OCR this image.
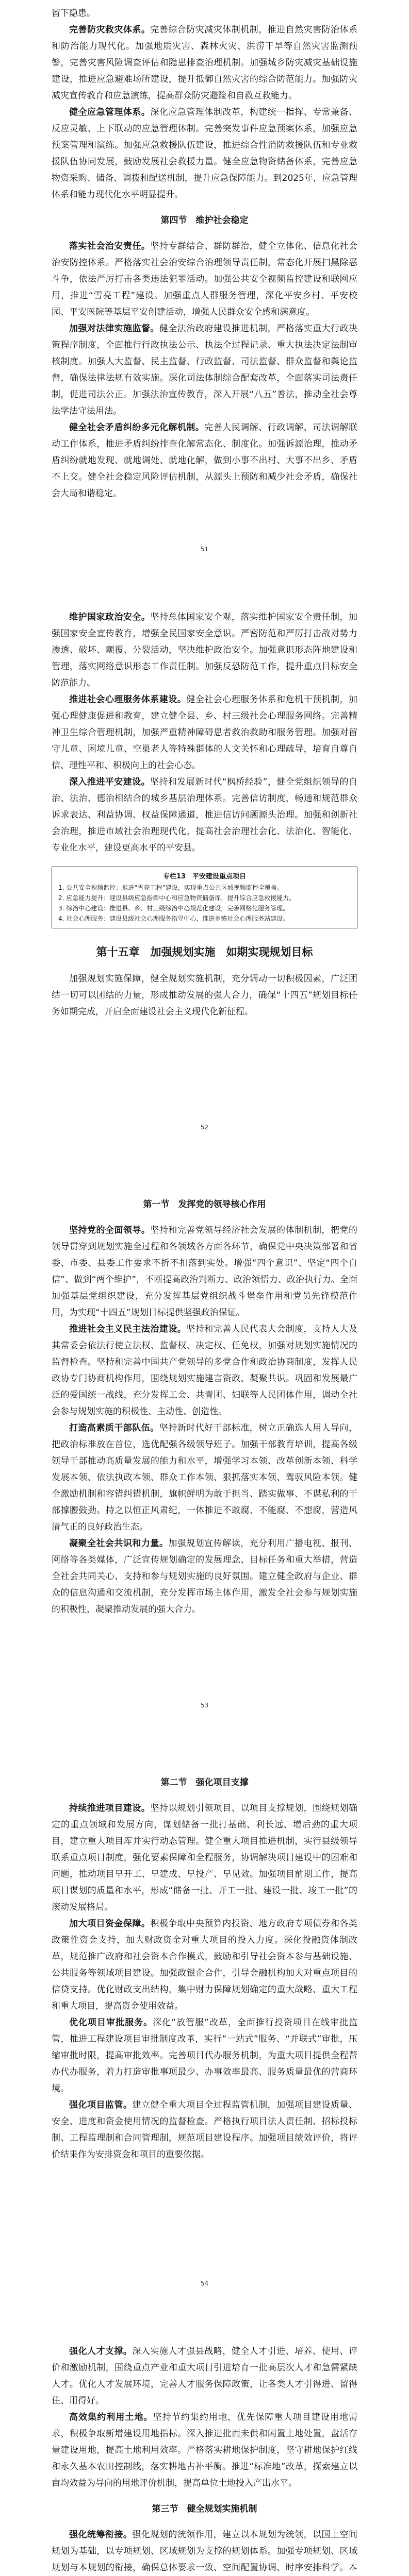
留下隐患。

完善防灾救灾体系。完善综合防灾减灾体制机制，推进自然灾害防治体系和防治能力现代化。加强地质灾害、森林火灾、洪涝干旱等自然灾害监测预警，完善灾害风险调查评估和隐患排查治理机制。加强城乡防灾减灾基础设施建设，推进应急避难场所建设，提升抵御自然灾害的综合防范能力。加强防灾减灾宣传教育和应急演练，提高群众防灾避险和自救互救能力。

健全应急管理体系。深化应急管理体制改革，构建统一指挥、专常兼备、反应灵敏、上下联动的应急管理体制。完善突发事件应急预案体系，加强应急预案管理和演练。加强应急救援队伍建设，推进综合性消防救援队伍和专业救援队伍协同发展，鼓励发展社会救援力量。健全应急物资储备体系，完善应急物资采购、储备、调拨和配送机制，提升应急保障能力。到2025年，应急管理体系和能力现代化水平明显提升。

第四节　维护社会稳定

落实社会治安责任。坚持专群结合、群防群治，健全立体化、信息化社会治安防控体系。严格落实社会治安综合治理领导责任制，常态化开展扫黑除恶斗争，依法严厉打击各类违法犯罪活动。加强公共安全视频监控建设和联网应用，推进“雪亮工程”建设。加强重点人群服务管理，深化平安乡村、平安校园、平安医院等基层平安创建活动，增强人民群众安全感和满意度。

加强对法律实施监督。健全法治政府建设推进机制，严格落实重大行政决策程序制度，全面推行行政执法公示、执法全过程记录、重大执法决定法制审核制度。加强人大监督、民主监督、行政监督、司法监督、群众监督和舆论监督，确保法律法规有效实施。深化司法体制综合配套改革，全面落实司法责任制，促进司法公正。加强法治宣传教育，深入开展“八五”普法，推动全社会尊法学法守法用法。

健全社会矛盾纠纷多元化解机制。完善人民调解、行政调解、司法调解联动工作体系，推进矛盾纠纷排查化解常态化、制度化。加强诉源治理，推动矛盾纠纷就地发现、就地调处、就地化解，做到小事不出村、大事不出乡、矛盾不上交。健全社会稳定风险评估机制，从源头上预防和减少社会矛盾，确保社会大局和谐稳定。

51

维护国家政治安全。坚持总体国家安全观，落实维护国家安全责任制，加强国家安全宣传教育，增强全民国家安全意识。严密防范和严厉打击敌对势力渗透、破坏、颠覆、分裂活动，坚决维护政治安全。加强意识形态阵地建设和管理，落实网络意识形态工作责任制。加强反恐防范工作，提升重点目标安全防范能力。

推进社会心理服务体系建设。健全社会心理服务体系和危机干预机制，加强心理健康促进和教育，建立健全县、乡、村三级社会心理服务网络。完善精神卫生综合管理机制，加强严重精神障碍患者救治救助和服务管理。加强对留守儿童、困境儿童、空巢老人等特殊群体的人文关怀和心理疏导，培育自尊自信、理性平和、积极向上的社会心态。

深入推进平安建设。坚持和发展新时代“枫桥经验”，健全党组织领导的自治、法治、德治相结合的城乡基层治理体系。完善信访制度，畅通和规范群众诉求表达、利益协调、权益保障通道，推进信访问题源头治理。加强和创新社会治理，推进市域社会治理现代化，提高社会治理社会化、法治化、智能化、专业化水平，建设更高水平的平安县。

专栏13　平安建设重点项目
1. 公共安全视频监控：推进“雪亮工程”建设，实现重点公共区域视频监控全覆盖。
2. 应急能力提升：建设县级应急指挥中心和应急物资储备库，提升综合应急救援能力。
3. 综治中心建设：推进县、乡、村三级综治中心规范化建设，完善网格化服务管理。
4. 社会心理服务：建设县级社会心理服务指导中心，推进乡镇社会心理服务站建设。
第十五章　加强规划实施　如期实现规划目标

加强规划实施保障，健全规划实施机制，充分调动一切积极因素，广泛团结一切可以团结的力量，形成推动发展的强大合力，确保“十四五”规划目标任务如期完成，开启全面建设社会主义现代化新征程。

52
第一节　发挥党的领导核心作用

坚持党的全面领导。坚持和完善党领导经济社会发展的体制机制，把党的领导贯穿到规划实施全过程和各领域各方面各环节，确保党中央决策部署和省委、市委、县委工作要求不折不扣落到实处。增强“四个意识”、坚定“四个自信”、做到“两个维护”，不断提高政治判断力、政治领悟力、政治执行力。全面加强基层党组织建设，充分发挥基层党组织战斗堡垒作用和党员先锋模范作用，为实现“十四五”规划目标提供坚强政治保证。

推进社会主义民主法治建设。坚持和完善人民代表大会制度，支持人大及其常委会依法行使立法权、监督权、决定权、任免权，加强对规划实施情况的监督检查。坚持和完善中国共产党领导的多党合作和政治协商制度，发挥人民政协专门协商机构作用，围绕规划实施建言资政、凝聚共识。巩固和发展最广泛的爱国统一战线，充分发挥工会、共青团、妇联等人民团体作用，调动全社会参与规划实施的积极性、主动性、创造性。

打造高素质干部队伍。坚持新时代好干部标准，树立正确选人用人导向，把政治标准放在首位，选优配强各级领导班子。加强干部教育培训，提高各级领导干部推动高质量发展的能力和水平，增强学习本领、改革创新本领、科学发展本领、依法执政本领、群众工作本领、狠抓落实本领、驾驭风险本领。健全激励机制和容错纠错机制，旗帜鲜明为敢于担当、踏实做事、不谋私利的干部撑腰鼓劲。持之以恒正风肃纪，一体推进不敢腐、不能腐、不想腐，营造风清气正的良好政治生态。

凝聚全社会共识和力量。加强规划宣传解读，充分利用广播电视、报刊、网络等各类媒体，广泛宣传规划确定的发展理念、目标任务和重大举措，营造全社会共同关心、支持和参与规划实施的良好氛围。建立健全政府与企业、群众的信息沟通和交流机制，充分发挥市场主体作用，激发全社会参与规划实施的积极性，凝聚推动发展的强大合力。

53
第二节　强化项目支撑

持续推进项目建设。坚持以规划引领项目、以项目支撑规划，围绕规划确定的重点领域和发展方向，谋划储备一批打基础、利长远、增后劲的重大项目，建立重大项目库并实行动态管理。健全重大项目推进机制，实行县级领导联系重点项目制度，强化要素保障和全程服务，协调解决项目建设中的困难和问题，推动项目早开工、早建成、早投产、早见效。加强项目前期工作，提高项目谋划的质量和水平，形成“储备一批、开工一批、建设一批、竣工一批”的滚动发展格局。

加大项目资金保障。积极争取中央预算内投资、地方政府专项债券和各类政策性资金支持，加大财政资金对重大项目的投入力度。深化投融资体制改革，规范推广政府和社会资本合作模式，鼓励和引导社会资本参与基础设施、公共服务等领域项目建设。加强政银企合作，引导金融机构加大对重点项目的信贷支持。优化财政支出结构，集中财力保障规划确定的重大战略、重大工程和重大项目，提高资金使用效益。

优化项目审批服务。深化“放管服”改革，全面推行投资项目在线审批监管，推进工程建设项目审批制度改革，实行“一站式”服务、“并联式”审批，压缩审批时限，提高审批效率。完善项目代办服务机制，为重大项目提供全程帮办代办服务，着力打造审批事项最少、办事效率最高、服务质量最优的营商环境。

强化项目监管。建立健全重大项目全过程监管机制，加强项目建设质量、安全、进度和资金使用情况的监督检查。严格执行项目法人责任制、招标投标制、工程监理制和合同管理制，规范项目建设程序。加强项目绩效评价，将评价结果作为安排资金和项目的重要依据。

54

强化人才支撑。深入实施人才强县战略，健全人才引进、培养、使用、评价和激励机制，围绕重点产业和重大项目引进培育一批高层次人才和急需紧缺人才。优化人才发展环境，完善人才服务保障政策，让各类人才引得进、留得住、用得好。

高效集约利用土地。坚持节约集约用地，优先保障重大项目建设用地需求，积极争取新增建设用地指标。深入推进批而未供和闲置土地处置，盘活存量建设用地，提高土地利用效率。严格落实耕地保护制度，坚守耕地保护红线和永久基本农田控制线，落实耕地占补平衡。推进“标准地”改革，探索建立以亩均效益为导向的用地评价机制，提高单位土地投入产出水平。

第三节　健全规划实施机制

强化统筹衔接。强化规划的统领作用，建立以本规划为统领，以国土空间规划为基础，以专项规划、区域规划为支撑的规划体系。加强专项规划、区域规划与本规划的衔接，确保总体要求一致、空间配置协调、时序安排科学。本
